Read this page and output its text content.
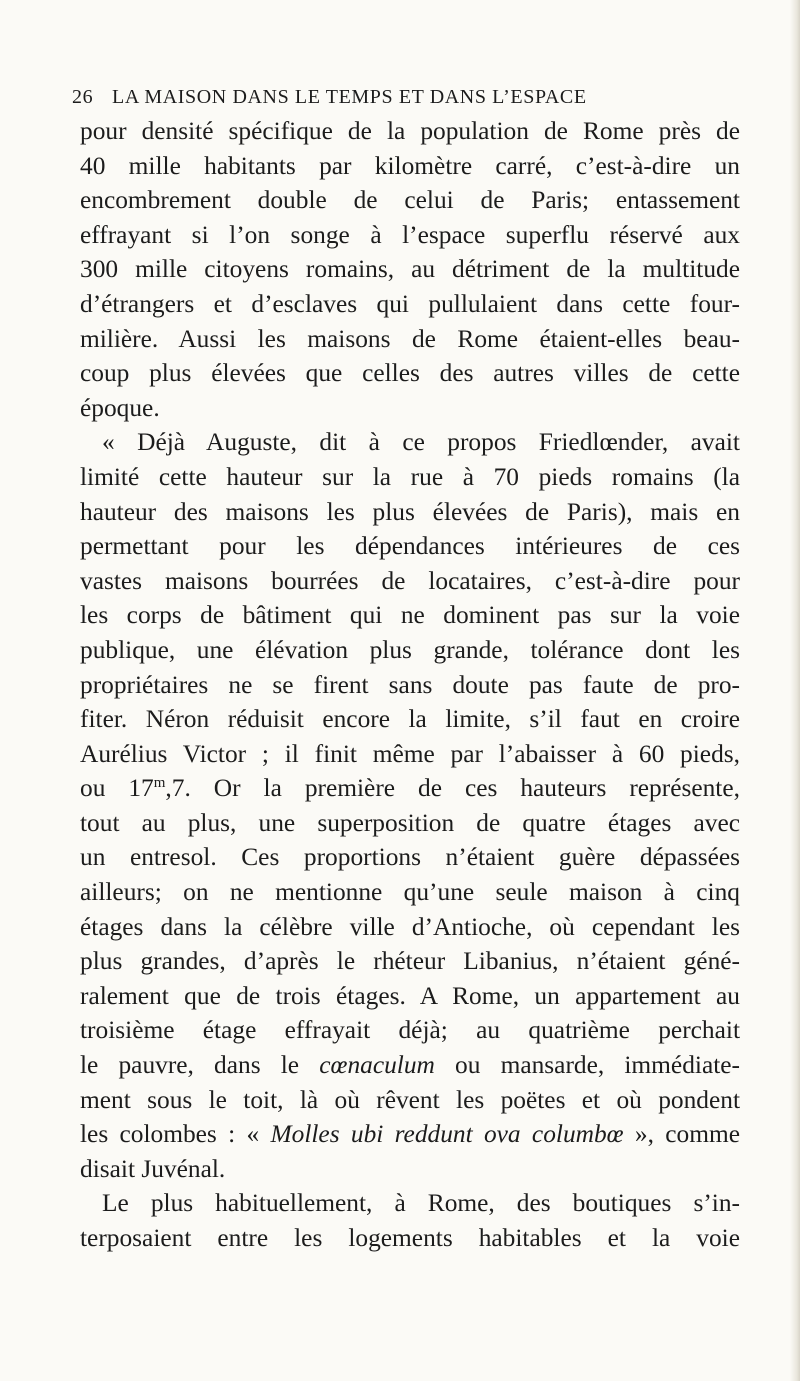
26 LA MAISON DANS LE TEMPS ET DANS L’ESPACE
pour densité spécifique de la population de Rome près de
40 mille habitants par kilomètre carré, c’est-à-dire un
encombrement double de celui de Paris; entassement
effrayant si l’on songe à l’espace superflu réservé aux
300 mille citoyens romains, au détriment de la multitude
d’étrangers et d’esclaves qui pullulaient dans cette four-
milière. Aussi les maisons de Rome étaient-elles beau-
coup plus élevées que celles des autres villes de cette
époque.
« Déjà Auguste, dit à ce propos Friedlœnder, avait
limité cette hauteur sur la rue à 70 pieds romains (la
hauteur des maisons les plus élevées de Paris), mais en
permettant pour les dépendances intérieures de ces
vastes maisons bourrées de locataires, c’est-à-dire pour
les corps de bâtiment qui ne dominent pas sur la voie
publique, une élévation plus grande, tolérance dont les
propriétaires ne se firent sans doute pas faute de pro-
fiter. Néron réduisit encore la limite, s’il faut en croire
Aurélius Victor ; il finit même par l’abaisser à 60 pieds,
ou 17$^m$,7. Or la première de ces hauteurs représente,
tout au plus, une superposition de quatre étages avec
un entresol. Ces proportions n’étaient guère dépassées
ailleurs; on ne mentionne qu’une seule maison à cinq
étages dans la célèbre ville d’Antioche, où cependant les
plus grandes, d’après le rhéteur Libanius, n’étaient géné-
ralement que de trois étages. A Rome, un appartement au
troisième étage effrayait déjà; au quatrième perchait
le pauvre, dans le cœnaculum ou mansarde, immédiate-
ment sous le toit, là où rêvent les poëtes et où pondent
les colombes : « Molles ubi reddunt ova columbœ », comme
disait Juvénal.
Le plus habituellement, à Rome, des boutiques s’in-
terposaient entre les logements habitables et la voie
